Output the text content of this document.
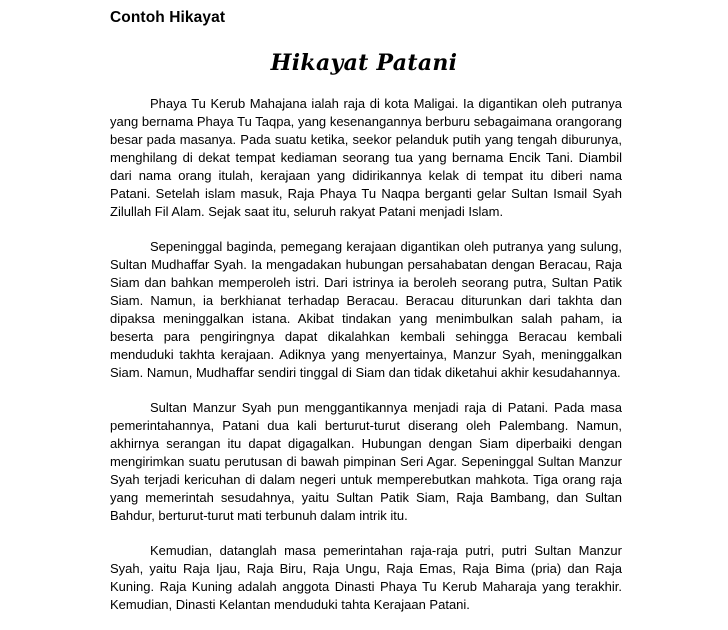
Contoh Hikayat
Hikayat Patani

Phaya Tu Kerub Mahajana ialah raja di kota Maligai. Ia digantikan oleh putranya yang bernama Phaya Tu Taqpa, yang kesenangannya berburu sebagaimana orangorang besar pada masanya. Pada suatu ketika, seekor pelanduk putih yang tengah diburunya, menghilang di dekat tempat kediaman seorang tua yang bernama Encik Tani. Diambil dari nama orang itulah, kerajaan yang didirikannya kelak di tempat itu diberi nama Patani. Setelah islam masuk, Raja Phaya Tu Naqpa berganti gelar Sultan Ismail Syah Zilullah Fil Alam. Sejak saat itu, seluruh rakyat Patani menjadi Islam.

Sepeninggal baginda, pemegang kerajaan digantikan oleh putranya yang sulung, Sultan Mudhaffar Syah. Ia mengadakan hubungan persahabatan dengan Beracau, Raja Siam dan bahkan memperoleh istri. Dari istrinya ia beroleh seorang putra, Sultan Patik Siam. Namun, ia berkhianat terhadap Beracau. Beracau diturunkan dari takhta dan dipaksa meninggalkan istana. Akibat tindakan yang menimbulkan salah paham, ia beserta para pengiringnya dapat dikalahkan kembali sehingga Beracau kembali menduduki takhta kerajaan. Adiknya yang menyertainya, Manzur Syah, meninggalkan Siam. Namun, Mudhaffar sendiri tinggal di Siam dan tidak diketahui akhir kesudahannya.

Sultan Manzur Syah pun menggantikannya menjadi raja di Patani. Pada masa pemerintahannya, Patani dua kali berturut-turut diserang oleh Palembang. Namun, akhirnya serangan itu dapat digagalkan. Hubungan dengan Siam diperbaiki dengan mengirimkan suatu perutusan di bawah pimpinan Seri Agar. Sepeninggal Sultan Manzur Syah terjadi kericuhan di dalam negeri untuk memperebutkan mahkota. Tiga orang raja yang memerintah sesudahnya, yaitu Sultan Patik Siam, Raja Bambang, dan Sultan Bahdur, berturut-turut mati terbunuh dalam intrik itu.

Kemudian, datanglah masa pemerintahan raja-raja putri, putri Sultan Manzur Syah, yaitu Raja Ijau, Raja Biru, Raja Ungu, Raja Emas, Raja Bima (pria) dan Raja Kuning. Raja Kuning adalah anggota Dinasti Phaya Tu Kerub Maharaja yang terakhir. Kemudian, Dinasti Kelantan menduduki tahta Kerajaan Patani.
